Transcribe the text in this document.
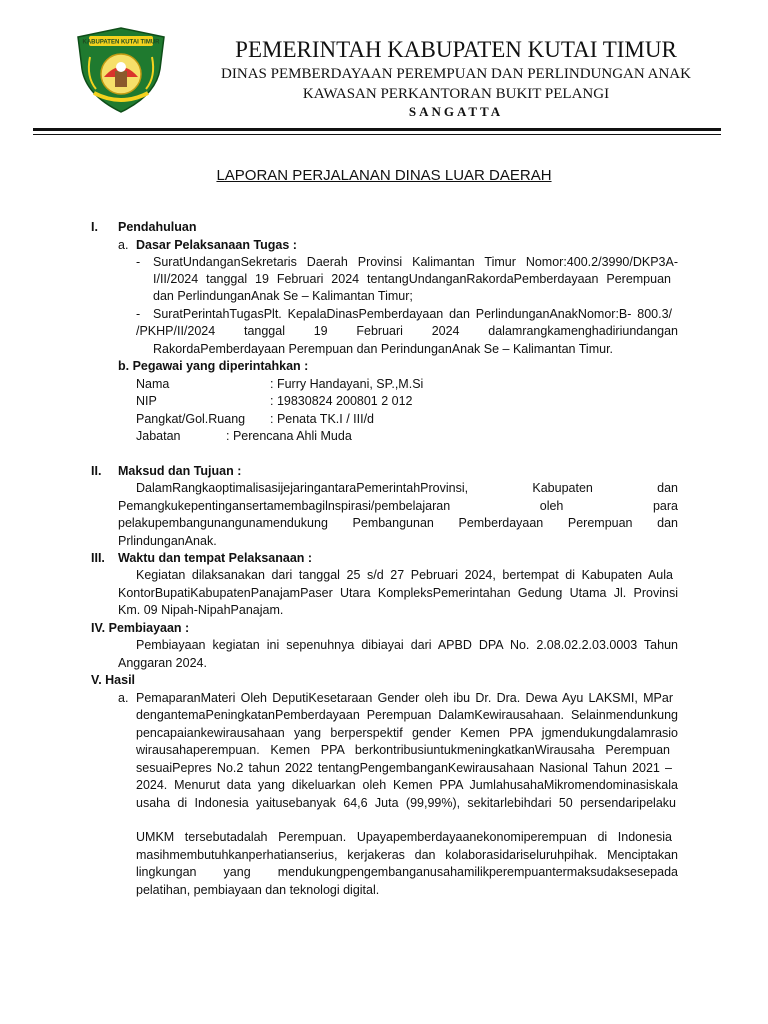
KABUPATEN KUTAI TIMUR	PEMERINTAH KABUPATEN KUTAI TIMUR
DINAS PEMBERDAYAAN PEREMPUAN DAN PERLINDUNGAN ANAK
KAWASAN PERKANTORAN BUKIT PELANGI
SANGATTA
LAPORAN PERJALANAN DINAS LUAR DAERAH
I. Pendahuluan
a. Dasar Pelaksanaan Tugas :
- SuratUndanganSekretaris Daerah Provinsi Kalimantan Timur Nomor:400.2/3990/DKP3A-
I/II/2024 tanggal 19 Februari 2024 tentangUndanganRakordaPemberdayaan Perempuan
dan PerlindunganAnak Se – Kalimantan Timur;
- SuratPerintahTugasPlt. KepalaDinasPemberdayaan dan PerlindunganAnakNomor:B- 800.3/
/PKHP/II/2024 tanggal 19 Februari 2024 dalamrangkamenghadiriundangan
RakordaPemberdayaan Perempuan dan PerindunganAnak Se – Kalimantan Timur.
b. Pegawai yang diperintahkan :
Nama	: Furry Handayani, SP.,M.Si
NIP	: 19830824 200801 2 012
Pangkat/Gol.Ruang : Penata TK.I / III/d
Jabatan	: Perencana Ahli Muda
II. Maksud dan Tujuan :
DalamRangkaoptimalisasijejaringantaraPemerintahProvinsi, Kabupaten dan
Pemangkukepentingansertamembagilnspirasi/pembelajaran oleh para
pelakupembangunangunamendukung Pembangunan Pemberdayaan Perempuan dan
PrlindunganAnak.
III. Waktu dan tempat Pelaksanaan :
Kegiatan dilaksanakan dari tanggal 25 s/d 27 Pebruari 2024, bertempat di Kabupaten Aula
KontorBupatiKabupatenPanajamPaser Utara KompleksPemerintahan Gedung Utama Jl. Provinsi
Km. 09 Nipah-NipahPanajam.
IV. Pembiayaan :
Pembiayaan kegiatan ini sepenuhnya dibiayai dari APBD DPA No. 2.08.02.2.03.0003 Tahun
Anggaran 2024.
V. Hasil
a. PemaparanMateri Oleh DeputiKesetaraan Gender oleh ibu Dr. Dra. Dewa Ayu LAKSMI, MPar
dengantemaPeningkatanPemberdayaan Perempuan DalamKewirausahaan. Selainmendunkung
pencapaiankewirausahaan yang berperspektif gender Kemen PPA jgmendukungdalamrasio
wirausahaperempuan. Kemen PPA berkontribusiuntukmeningkatkanWirausaha Perempuan
sesuaiPepres No.2 tahun 2022 tentangPengembanganKewirausahaan Nasional Tahun 2021 –
2024. Menurut data yang dikeluarkan oleh Kemen PPA JumlahusahaMikromendominasiskala
usaha di Indonesia yaitusebanyak 64,6 Juta (99,99%), sekitarlebihdari 50 persendaripelaku
UMKM tersebutadalah Perempuan. Upayapemberdayaanekonomiperempuan di Indonesia
masihmembutuhkanperhatianserius, kerjakeras dan kolaborasidariseluruhpihak. Menciptakan
lingkungan yang mendukungpengembanganusahamilikperempuantermaksudaksesepada
pelatihan, pembiayaan dan teknologi digital.
